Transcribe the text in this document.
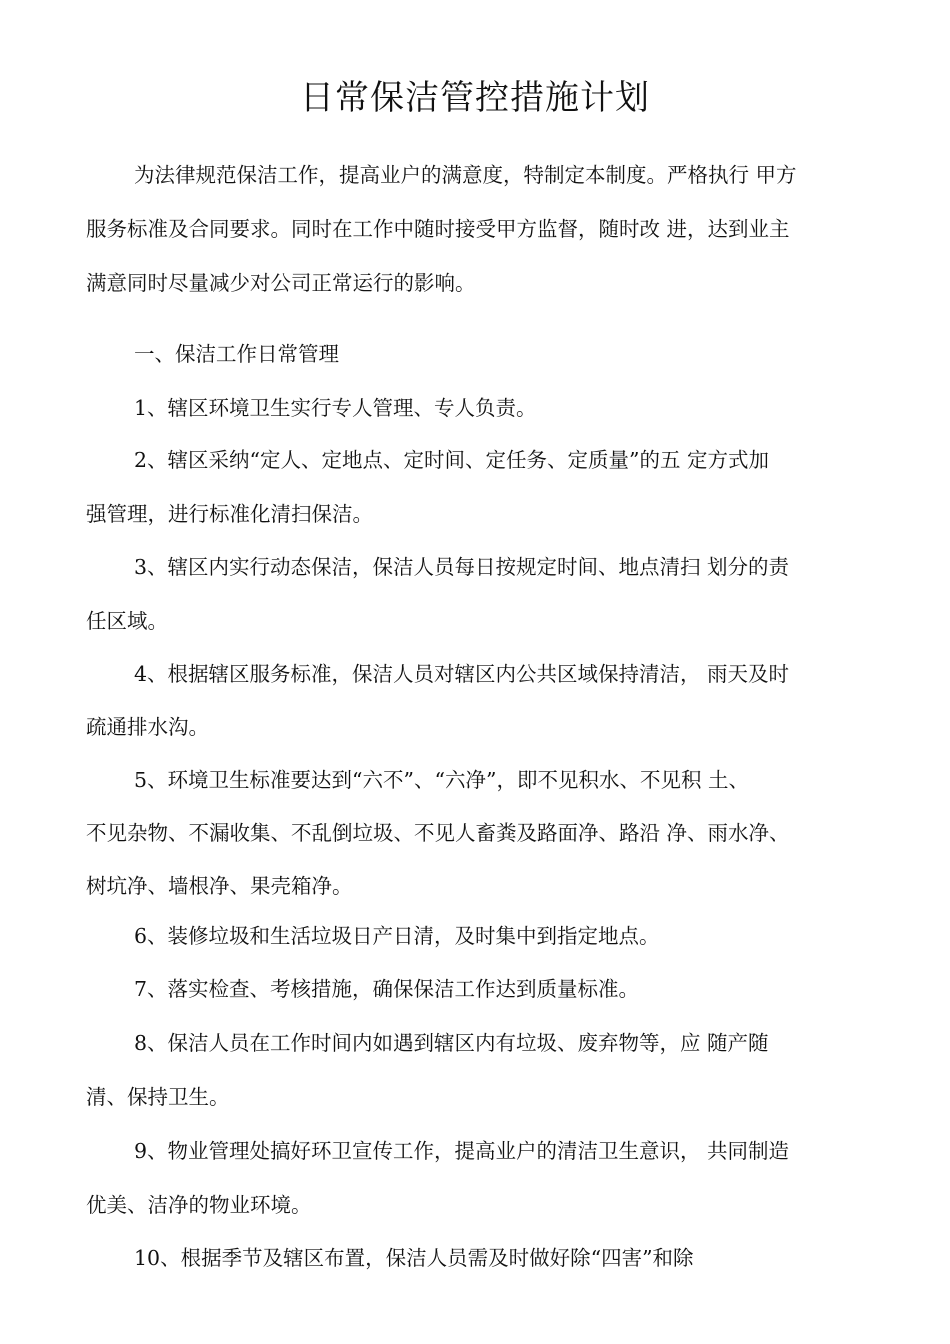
日常保洁管控措施计划
为法律规范保洁工作，提高业户的满意度，特制定本制度。严格执行 甲方
服务标准及合同要求。同时在工作中随时接受甲方监督，随时改 进，达到业主
满意同时尽量减少对公司正常运行的影响。
一、保洁工作日常管理
1、辖区环境卫生实行专人管理、专人负责。
2、辖区采纳“定人、定地点、定时间、定任务、定质量”的五 定方式加
强管理，进行标准化清扫保洁。
3、辖区内实行动态保洁，保洁人员每日按规定时间、地点清扫 划分的责
任区域。
4、根据辖区服务标准，保洁人员对辖区内公共区域保持清洁， 雨天及时
疏通排水沟。
5、环境卫生标准要达到“六不”、“六净”，即不见积水、不见积 土、
不见杂物、不漏收集、不乱倒垃圾、不见人畜粪及路面净、路沿 净、雨水净、
树坑净、墙根净、果壳箱净。
6、装修垃圾和生活垃圾日产日清，及时集中到指定地点。
7、落实检查、考核措施，确保保洁工作达到质量标准。
8、保洁人员在工作时间内如遇到辖区内有垃圾、废弃物等，应 随产随
清、保持卫生。
9、物业管理处搞好环卫宣传工作，提高业户的清洁卫生意识， 共同制造
优美、洁净的物业环境。
10、根据季节及辖区布置，保洁人员需及时做好除“四害”和除
